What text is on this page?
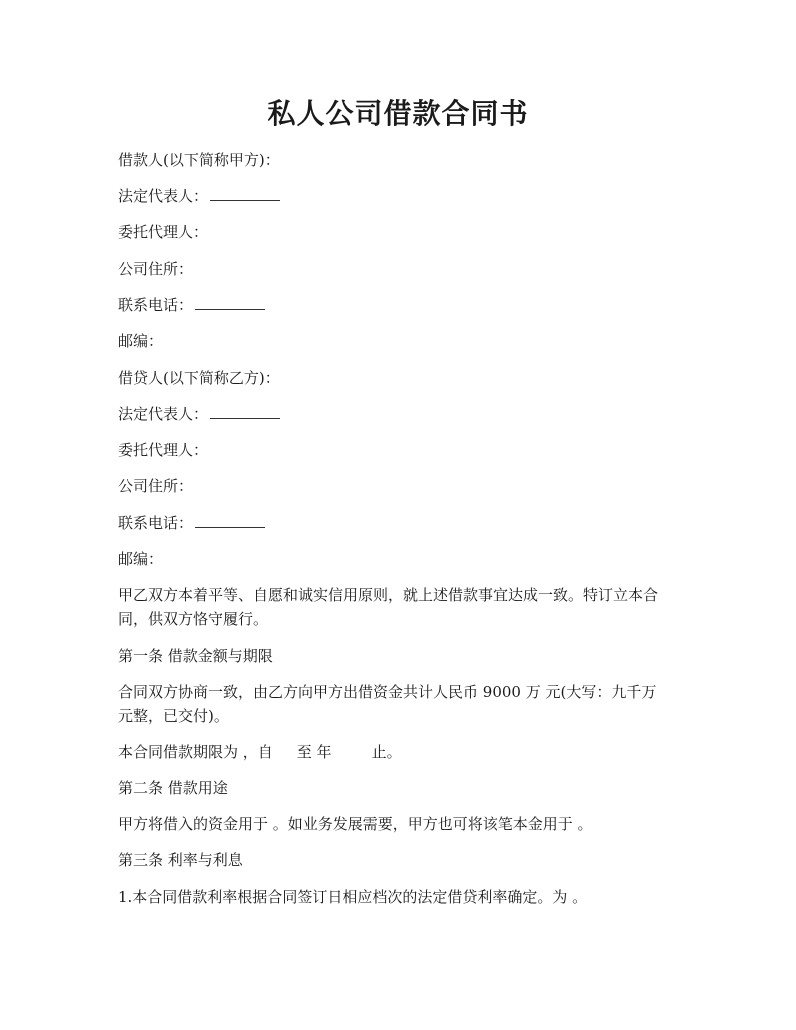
私人公司借款合同书

借款人(以下简称甲方)：

法定代表人：

委托代理人：

公司住所：

联系电话：

邮编：

借贷人(以下简称乙方)：

法定代表人：

委托代理人：

公司住所：

联系电话：

邮编：

甲乙双方本着平等、自愿和诚实信用原则，就上述借款事宜达成一致。特订立本合

同，供双方恪守履行。

第一条 借款金额与期限

合同双方协商一致，由乙方向甲方出借资金共计人民币 9000 万 元(大写：九千万

元整，已交付)。

本合同借款期限为 ，自 至 年	止。

第二条 借款用途

甲方将借入的资金用于 。如业务发展需要，甲方也可将该笔本金用于 。

第三条 利率与利息

1.本合同借款利率根据合同签订日相应档次的法定借贷利率确定。为 。
